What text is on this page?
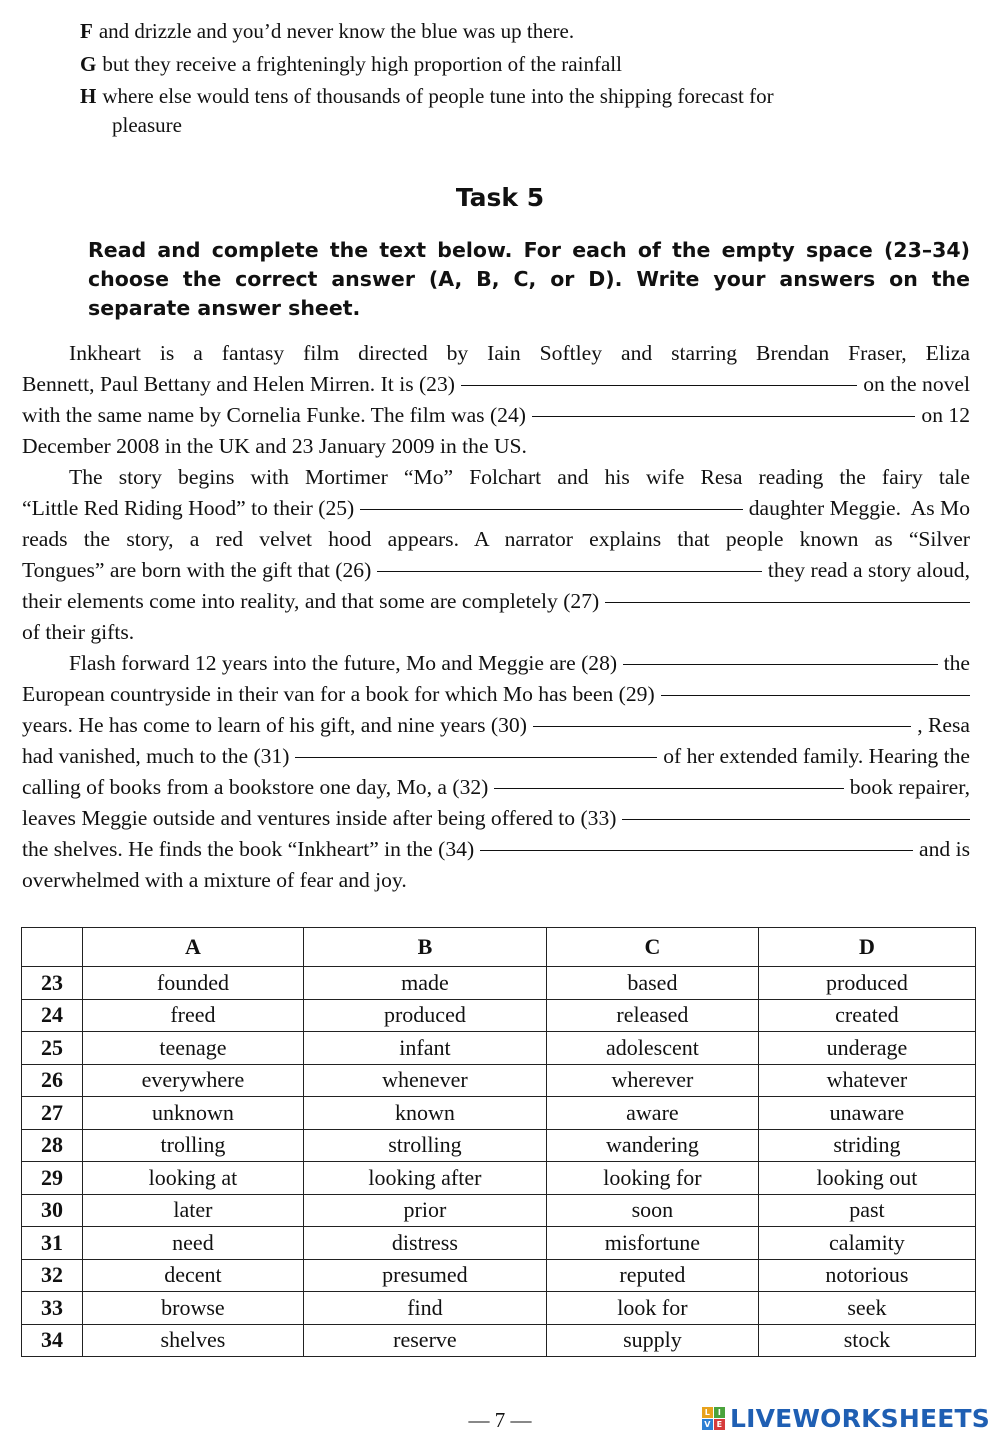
F and drizzle and you’d never know the blue was up there.
G but they receive a frighteningly high proportion of the rainfall
H where else would tens of thousands of people tune into the shipping forecast for
pleasure
Task 5
Read and complete the text below. For each of the empty space (23–34) choose the correct answer (A, B, C, or D). Write your answers on the separate answer sheet.
Inkheart is a fantasy film directed by Iain Softley and starring Brendan Fraser, Eliza
Bennett, Paul Bettany and Helen Mirren. It is (23)	on the novel
with the same name by Cornelia Funke. The film was (24)	on 12
December 2008 in the UK and 23 January 2009 in the US.
The story begins with Mortimer “Mo” Folchart and his wife Resa reading the fairy tale
“Little Red Riding Hood” to their (25)	daughter Meggie.  As Mo
reads the story, a red velvet hood appears. A narrator explains that people known as “Silver
Tongues” are born with the gift that (26)	they read a story aloud,
their elements come into reality, and that some are completely (27)
of their gifts.
Flash forward 12 years into the future, Mo and Meggie are (28)	the
European countryside in their van for a book for which Mo has been (29)
years. He has come to learn of his gift, and nine years (30)	, Resa
had vanished, much to the (31)	of her extended family. Hearing the
calling of books from a bookstore one day, Mo, a (32)	book repairer,
leaves Meggie outside and ventures inside after being offered to (33)
the shelves. He finds the book “Inkheart” in the (34)	and is
overwhelmed with a mixture of fear and joy.
	A	B	C	D
23	founded	made	based	produced
24	freed	produced	released	created
25	teenage	infant	adolescent	underage
26	everywhere	whenever	wherever	whatever
27	unknown	known	aware	unaware
28	trolling	strolling	wandering	striding
29	looking at	looking after	looking for	looking out
30	later	prior	soon	past
31	need	distress	misfortune	calamity
32	decent	presumed	reputed	notorious
33	browse	find	look for	seek
34	shelves	reserve	supply	stock
— 7 —	L I
V E LIVEWORKSHEETS
